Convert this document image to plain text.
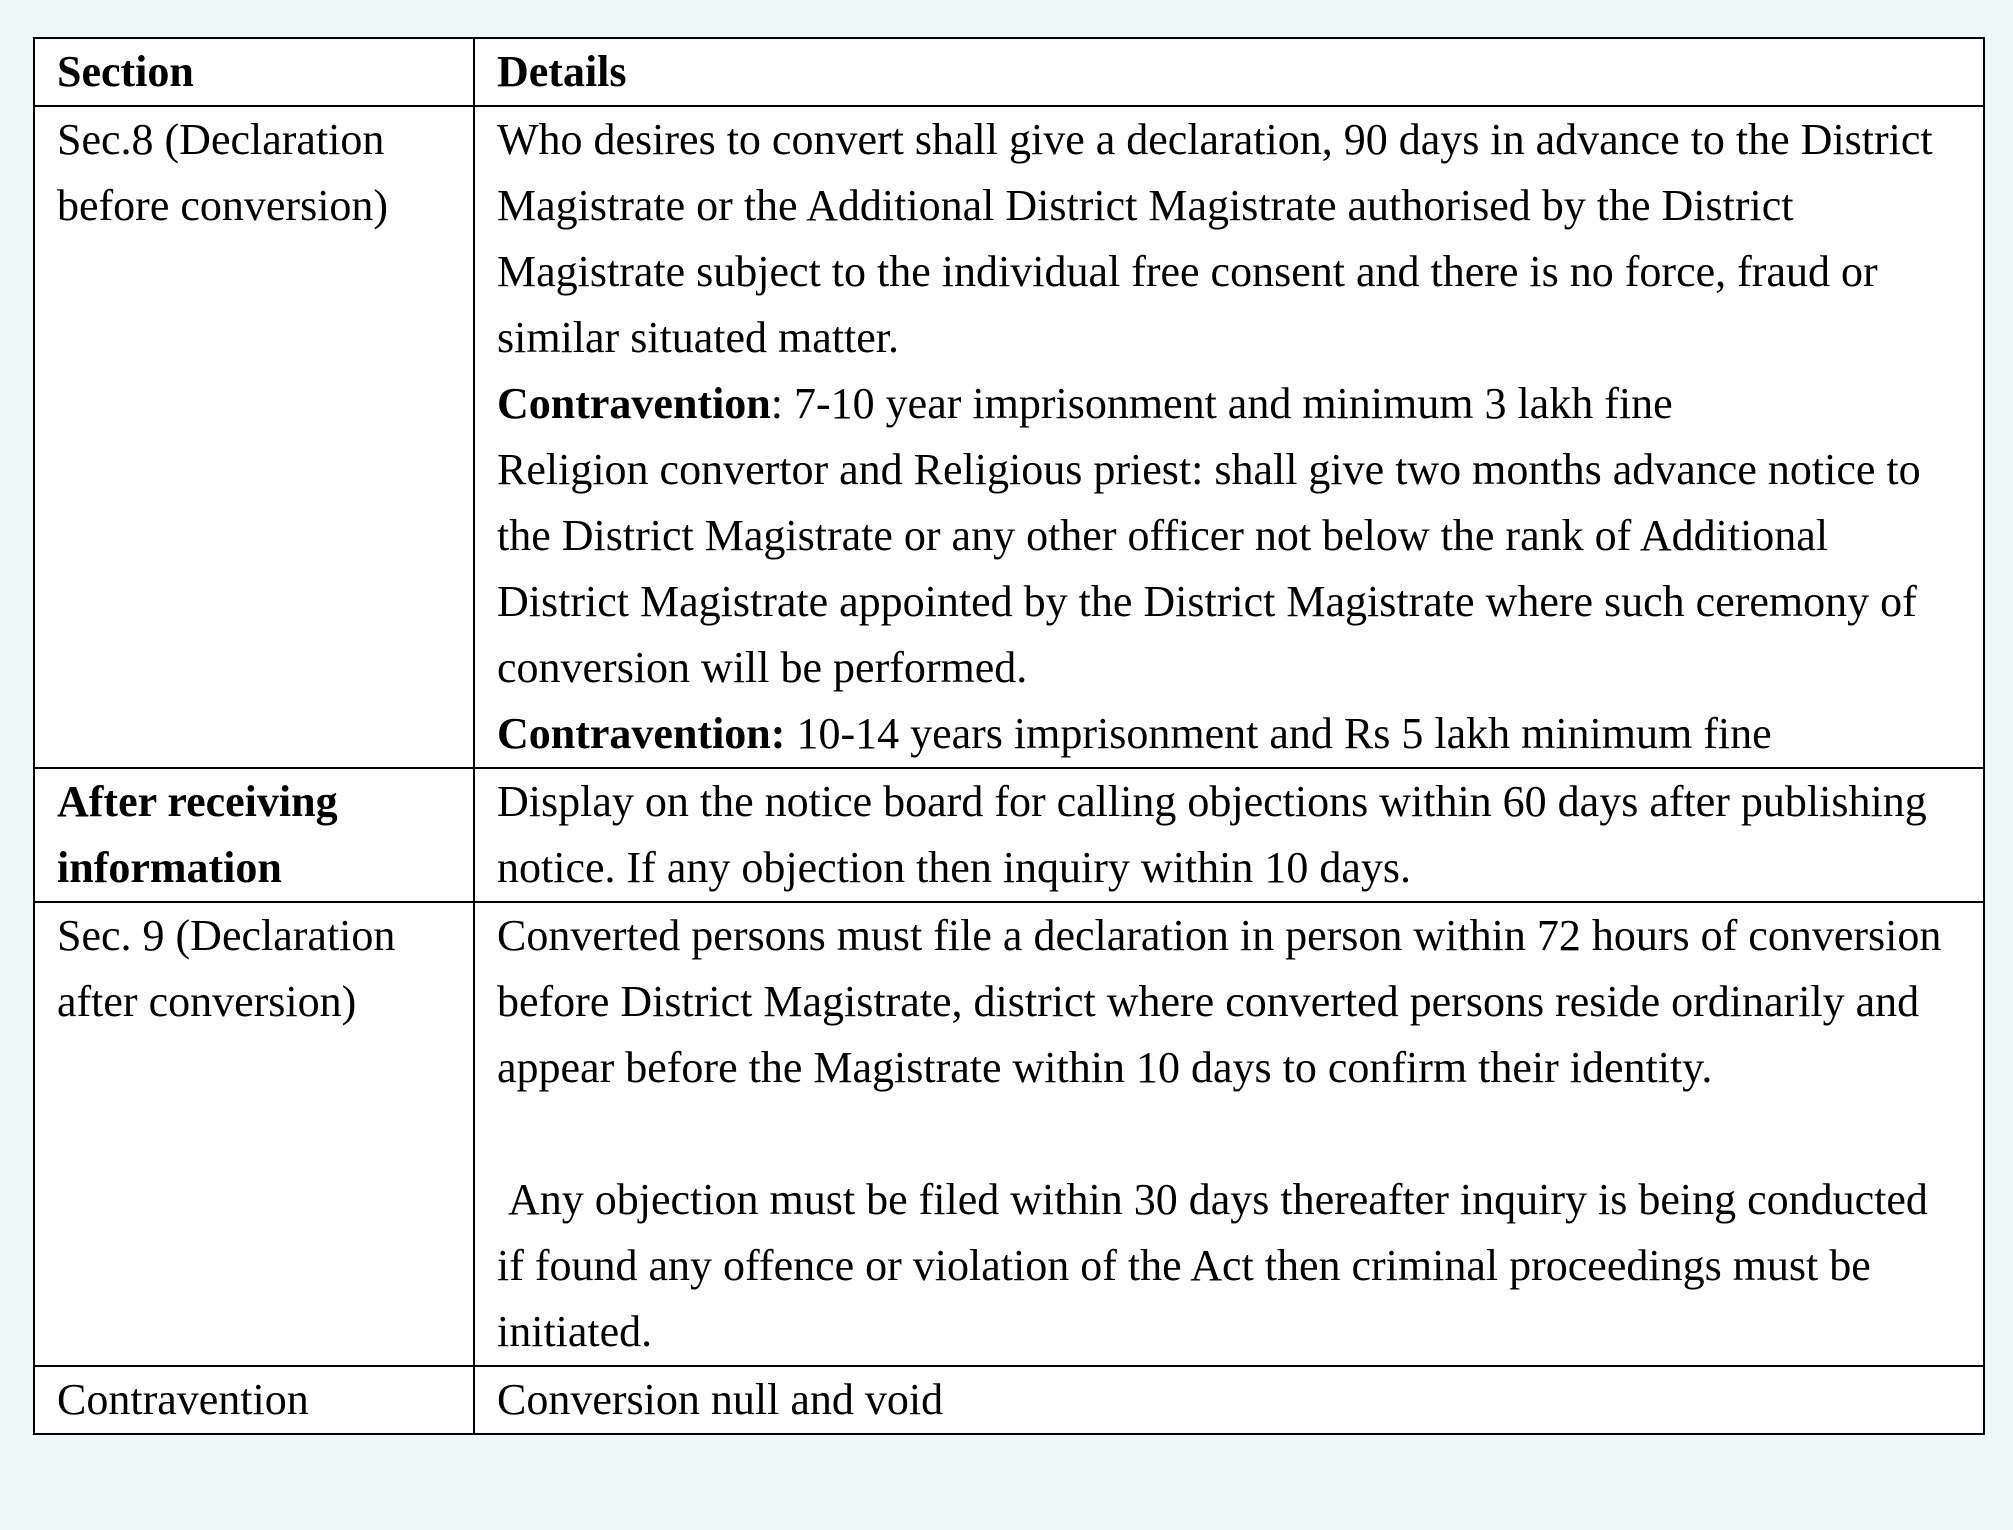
Section	Details
Sec.8 (Declaration before conversion)	Who desires to convert shall give a declaration, 90 days in advance to the District Magistrate or the Additional District Magistrate authorised by the District Magistrate subject to the individual free consent and there is no force, fraud or similar situated matter.
Contravention: 7-10 year imprisonment and minimum 3 lakh fine
Religion convertor and Religious priest: shall give two months advance notice to the District Magistrate or any other officer not below the rank of Additional District Magistrate appointed by the District Magistrate where such ceremony of conversion will be performed.
Contravention: 10-14 years imprisonment and Rs 5 lakh minimum fine

After receiving information	Display on the notice board for calling objections within 60 days after publishing notice. If any objection then inquiry within 10 days.
Sec. 9 (Declaration after conversion)	Converted persons must file a declaration in person within 72 hours of conversion before District Magistrate, district where converted persons reside ordinarily and appear before the Magistrate within 10 days to confirm their identity.
Any objection must be filed within 30 days thereafter inquiry is being conducted if found any offence or violation of the Act then criminal proceedings must be initiated.

Contravention	Conversion null and void
